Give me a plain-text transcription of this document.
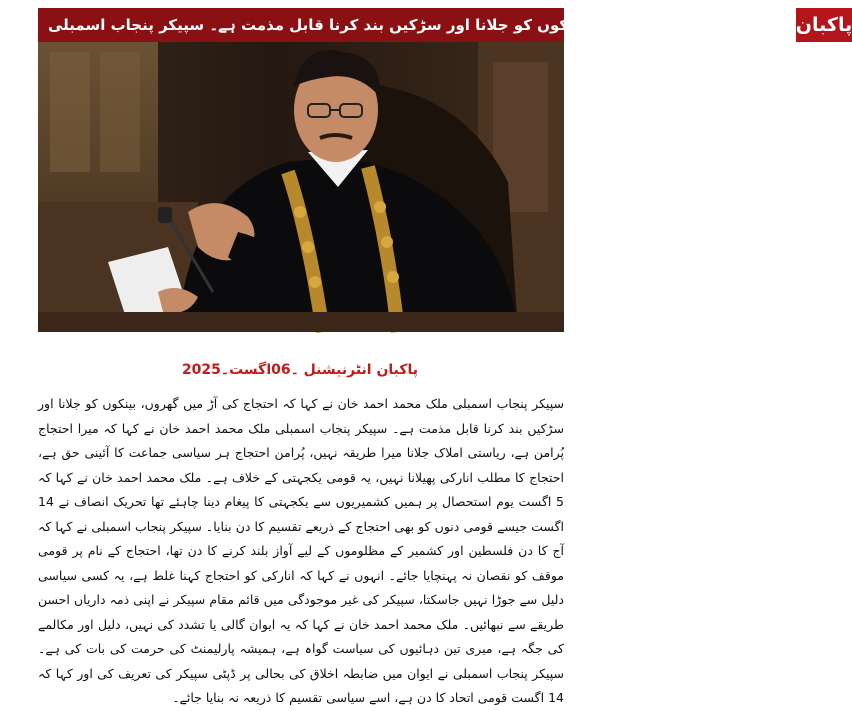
احتجاج کی آڑ میں گھروں، بینکوں کو جلانا اور سڑکیں بند کرنا قابل مذمت ہے۔ سپیکر پنجاب اسمبلی پاکبان
پاکبان انٹرنیشنل ۔06اگست۔2025
سپیکر پنجاب اسمبلی ملک محمد احمد خان نے کہا کہ احتجاج کی آڑ میں گھروں، بینکوں کو جلانا اور سڑکیں بند کرنا قابل مذمت ہے۔ سپیکر پنجاب اسمبلی ملک محمد احمد خان نے کہا کہ میرا احتجاج پُرامن ہے، ریاستی املاک جلانا میرا طریقہ نہیں، پُرامن احتجاج ہر سیاسی جماعت کا آئینی حق ہے، احتجاج کا مطلب انارکی پھیلانا نہیں، یہ قومی یکجہتی کے خلاف ہے۔ ملک محمد احمد خان نے کہا کہ 5 اگست یوم استحصال پر ہمیں کشمیریوں سے یکجہتی کا پیغام دینا چاہئے تھا تحریک انصاف نے 14 اگست جیسے قومی دنوں کو بھی احتجاج کے ذریعے تقسیم کا دن بنایا۔ سپیکر پنجاب اسمبلی نے کہا کہ آج کا دن فلسطین اور کشمیر کے مظلوموں کے لیے آواز بلند کرنے کا دن تھا، احتجاج کے نام پر قومی موقف کو نقصان نہ پہنچایا جائے۔ انہوں نے کہا کہ انارکی کو احتجاج کہنا غلط ہے، یہ کسی سیاسی دلیل سے جوڑا نہیں جاسکتا، سپیکر کی غیر موجودگی میں قائم مقام سپیکر نے اپنی ذمہ داریاں احسن طریقے سے نبھائیں۔ ملک محمد احمد خان نے کہا کہ یہ ایوان گالی یا تشدد کی نہیں، دلیل اور مکالمے کی جگہ ہے، میری تین دہائیوں کی سیاست گواہ ہے، ہمیشہ پارلیمنٹ کی حرمت کی بات کی ہے۔ سپیکر پنجاب اسمبلی نے ایوان میں ضابطہ اخلاق کی بحالی پر ڈپٹی سپیکر کی تعریف کی اور کہا کہ 14 اگست قومی اتحاد کا دن ہے، اسے سیاسی تقسیم کا ذریعہ نہ بنایا جائے۔
